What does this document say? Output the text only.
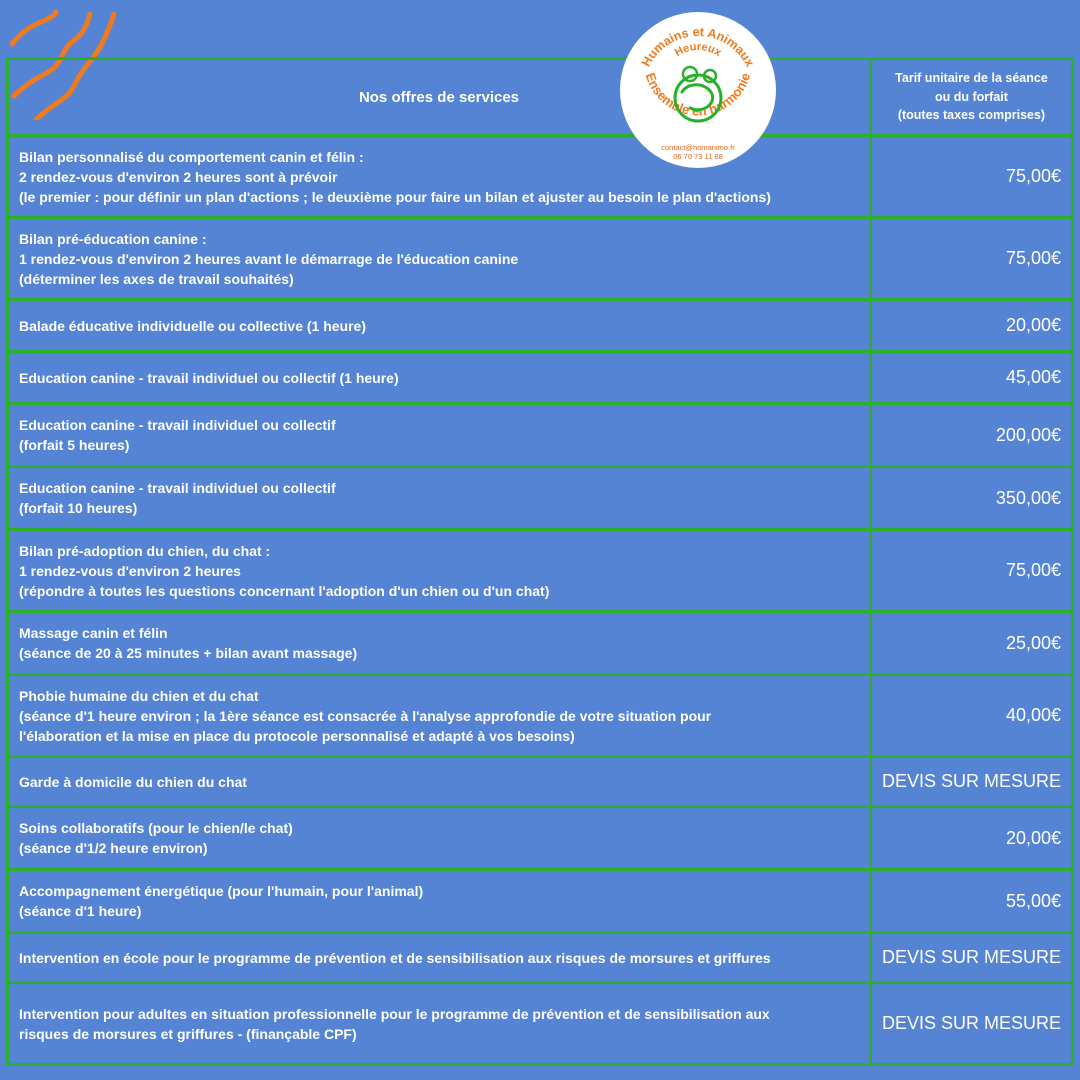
Nos offres de services	Tarif unitaire de la séance
ou du forfait
(toutes taxes comprises)

Bilan personnalisé du comportement canin et félin :
2 rendez-vous d'environ 2 heures sont à prévoir
(le premier : pour définir un plan d'actions ; le deuxième pour faire un bilan et ajuster au besoin le plan d'actions)	75,00€

Bilan pré-éducation canine :
1 rendez-vous d'environ 2 heures avant le démarrage de l'éducation canine
(déterminer les axes de travail souhaités)	75,00€

Balade éducative individuelle ou collective (1 heure)	20,00€

Education canine - travail individuel ou collectif (1 heure)	45,00€

Education canine - travail individuel ou collectif
(forfait 5 heures)	200,00€

Education canine - travail individuel ou collectif
(forfait 10 heures)	350,00€

Bilan pré-adoption du chien, du chat :
1 rendez-vous d'environ 2 heures
(répondre à toutes les questions concernant l'adoption d'un chien ou d'un chat)	75,00€

Massage canin et félin
(séance de 20 à 25 minutes + bilan avant massage)	25,00€

Phobie humaine du chien et du chat
(séance d'1 heure environ ; la 1ère séance est consacrée à l'analyse approfondie de votre situation pour
l'élaboration et la mise en place du protocole personnalisé et adapté à vos besoins)	40,00€

Garde à domicile du chien du chat	DEVIS SUR MESURE

Soins collaboratifs (pour le chien/le chat)
(séance d'1/2 heure environ)	20,00€

Accompagnement énergétique (pour l'humain, pour l'animal)
(séance d'1 heure)	55,00€

Intervention en école pour le programme de prévention et de sensibilisation aux risques de morsures et griffures	DEVIS SUR MESURE

Intervention pour adultes en situation professionnelle pour le programme de prévention et de sensibilisation aux
risques de morsures et griffures - (finançable CPF)	DEVIS SUR MESURE
Humains et Animaux
Heureux
Ensemble en harmonie
contact@homanimo.fr
06 70 73 11 88
